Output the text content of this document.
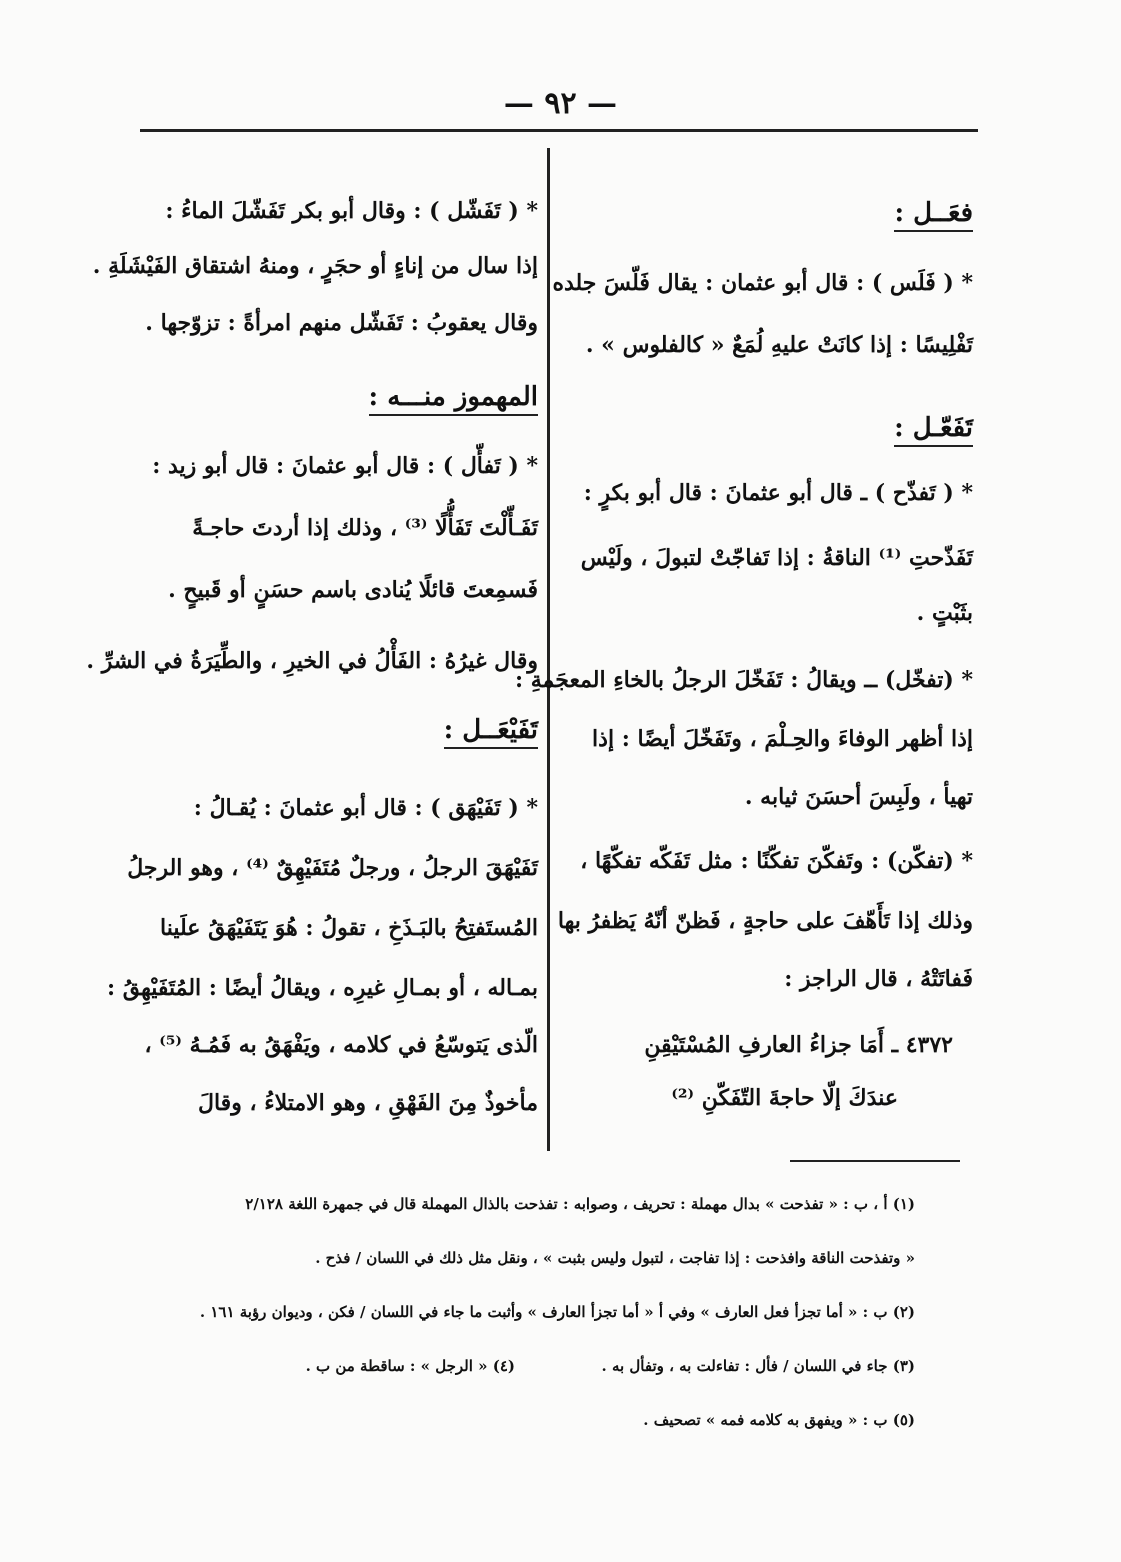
— ٩٢ —
فعَــل :
* ( فَلَس ) : قال أبو عثمان : يقال فَلّسَ جلده
تَفْلِيسًا : إذا كانَتْ عليهِ لُمَعٌ « كالفلوس » .
تَفَعّـل :
* ( تَفذّح ) ـ قال أبو عثمانَ : قال أبو بكرٍ :
تَفَذّحتِ ⁽¹⁾ الناقةُ : إذا تَفاجّتْ لتبولَ ، ولَيْس
بثَبْتٍ .
* (تفخّل) ــ ويقالُ : تَفَخّلَ الرجلُ بالخاءِ المعجَمةِ :
إذا أظهر الوفاءَ والحِـلْمَ ، وتَفَخّلَ أيضًا : إذا
تهيأ ، ولَبِسَ أحسَنَ ثيابه .
* (تفكّن) : وتَفكّنَ تفكّنًا : مثل تَفَكّه تفكّهًا ،
وذلك إذا تَأَهّفَ على حاجةٍ ، فَظنّ أنّهُ يَظفرُ بها
فَفاتَتْهُ ، قال الراجز :
٤٣٧٢ ـ أَمَا جزاءُ العارفِ المُسْتَيْقِنِ
عندَكَ إلّا حاجةَ التّفَكّنِ ⁽²⁾
* ( تَفَشّل ) : وقال أبو بكر تَفَشّلَ الماءُ :
إذا سال من إناءٍ أو حجَرٍ ، ومنهُ اشتقاق الفَيْشَلَةِ .
وقال يعقوبُ : تَفَشّل منهم امرأةً : تزوّجها .
المهموز منـــه :
* ( تَفأّل ) : قال أبو عثمانَ : قال أبو زيد :
تَفَـأّلْتَ تَفَأُّلًا ⁽³⁾ ، وذلك إذا أردتَ حاجـةً
فَسمِعتَ قائلًا يُنادى باسم حسَنٍ أو قَبيحٍ .
وقال غيرُهُ : الفَأْلُ في الخيرِ ، والطِّيَرَةُ في الشرِّ .
تَفَيْعَــل :
* ( تَفَيْهَق ) : قال أبو عثمانَ : يُقـالُ :
تَفَيْهَقَ الرجلُ ، ورجلٌ مُتَفَيْهِقٌ ⁽⁴⁾ ، وهو الرجلُ
المُستَفتِحُ بالبَـذَخِ ، تقولُ : هُوَ يَتَفَيْهَقُ علَينا
بمـاله ، أو بمـالِ غيرِه ، ويقالُ أيضًا : المُتَفَيْهِقُ :
الّذى يَتوسّعُ في كلامه ، ويَفْهَقُ به فَمُـهُ ⁽⁵⁾ ،
مأخوذٌ مِنَ الفَهْقِ ، وهو الامتلاءُ ، وقالَ
(١) أ ، ب : « تفذحت » بدال مهملة : تحريف ، وصوابه : تفذحت بالذال المهملة قال في جمهرة اللغة ٢/١٢٨
« وتفذحت الناقة وافذحت : إذا تفاجت ، لتبول وليس بثبت » ، ونقل مثل ذلك في اللسان / فذح .
(٢) ب : « أما تجزأ فعل العارف » وفي أ « أما تجزأ العارف » وأثبت ما جاء في اللسان / فكن ، وديوان رؤبة ١٦١ .
(٣) جاء في اللسان / فأل : تفاءلت به ، وتفأل به .
(٤) « الرجل » : ساقطة من ب .
(٥) ب : « ويفهق به كلامه فمه » تصحيف .
